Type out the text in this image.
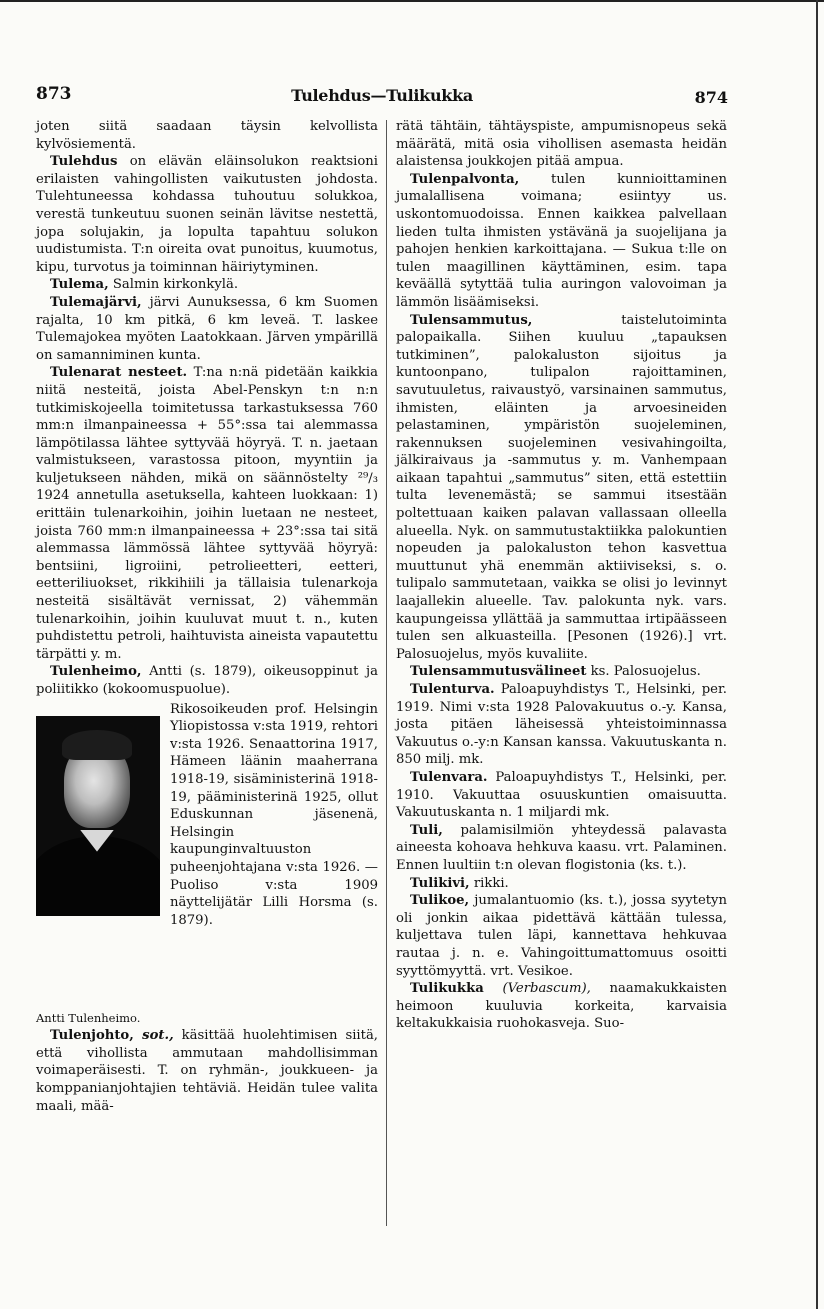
873	Tulehdus—Tulikukka	874

joten siitä saadaan täysin kelvollista kylvösiementä.

Tulehdus on elävän eläinsolukon reaktsioni erilaisten vahingollisten vaikutusten johdosta. Tulehtuneessa kohdassa tuhoutuu solukkoa, verestä tunkeutuu suonen seinän lävitse nestettä, jopa solujakin, ja lopulta tapahtuu solukon uudistumista. T:n oireita ovat punoitus, kuumotus, kipu, turvotus ja toiminnan häiriytyminen.

Tulema, Salmin kirkonkylä.

Tulemajärvi, järvi Aunuksessa, 6 km Suomen rajalta, 10 km pitkä, 6 km leveä. T. laskee Tulemajokea myöten Laatokkaan. Järven ympärillä on samanniminen kunta.

Tulenarat nesteet. T:na n:nä pidetään kaikkia niitä nesteitä, joista Abel-Penskyn t:n n:n tutkimiskojeella toimitetussa tarkastuksessa 760 mm:n ilmanpaineessa + 55°:ssa tai alemmassa lämpötilassa lähtee syttyvää höyryä. T. n. jaetaan valmistukseen, varastossa pitoon, myyntiin ja kuljetukseen nähden, mikä on säännöstelty ²⁹/₃ 1924 annetulla asetuksella, kahteen luokkaan: 1) erittäin tulenarkoihin, joihin luetaan ne nesteet, joista 760 mm:n ilmanpaineessa + 23°:ssa tai sitä alemmassa lämmössä lähtee syttyvää höyryä: bentsiini, ligroiini, petrolieetteri, eetteri, eetteriliuokset, rikkihiili ja tällaisia tulenarkoja nesteitä sisältävät vernissat, 2) vähemmän tulenarkoihin, joihin kuuluvat muut t. n., kuten puhdistettu petroli, haihtuvista aineista vapautettu tärpätti y. m.

Tulenheimo, Antti (s. 1879), oikeusoppinut ja poliitikko (kokoomuspuolue).

Antti Tulenheimo.
Rikosoikeuden prof. Helsingin Yliopistossa v:sta 1919, rehtori v:sta 1926. Senaattorina 1917, Hämeen läänin maaherrana 1918-19, sisäministerinä 1918-19, pääministerinä 1925, ollut Eduskunnan jäsenenä, Helsingin kaupunginvaltuuston puheenjohtajana v:sta 1926. — Puoliso v:sta 1909 näyttelijätär Lilli Horsma (s. 1879).

Tulenjohto, sot., käsittää huolehtimisen siitä, että vihollista ammutaan mahdollisimman voimaperäisesti. T. on ryhmän-, joukkueen- ja komppanianjohtajien tehtäviä. Heidän tulee valita maali, mää-

rätä tähtäin, tähtäyspiste, ampumisnopeus sekä määrätä, mitä osia vihollisen asemasta heidän alaistensa joukkojen pitää ampua.

Tulenpalvonta, tulen kunnioittaminen jumalallisena voimana; esiintyy us. uskontomuodoissa. Ennen kaikkea palvellaan lieden tulta ihmisten ystävänä ja suojelijana ja pahojen henkien karkoittajana. — Sukua t:lle on tulen maagillinen käyttäminen, esim. tapa keväällä sytyttää tulia auringon valovoiman ja lämmön lisäämiseksi.

Tulensammutus, taistelutoiminta palopaikalla. Siihen kuuluu „tapauksen tutkiminen”, palokaluston sijoitus ja kuntoonpano, tulipalon rajoittaminen, savutuuletus, raivaustyö, varsinainen sammutus, ihmisten, eläinten ja arvoesineiden pelastaminen, ympäristön suojeleminen, rakennuksen suojeleminen vesivahingoilta, jälkiraivaus ja -sammutus y. m. Vanhempaan aikaan tapahtui „sammutus” siten, että estettiin tulta levenemästä; se sammui itsestään poltettuaan kaiken palavan vallassaan olleella alueella. Nyk. on sammutustaktiikka palokuntien nopeuden ja palokaluston tehon kasvettua muuttunut yhä enemmän aktiiviseksi, s. o. tulipalo sammutetaan, vaikka se olisi jo levinnyt laajallekin alueelle. Tav. palokunta nyk. vars. kaupungeissa yllättää ja sammuttaa irtipäässeen tulen sen alkuasteilla. [Pesonen (1926).] vrt. Palosuojelus, myös kuvaliite.

Tulensammutusvälineet ks. Palosuojelus.

Tulenturva. Paloapuyhdistys T., Helsinki, per. 1919. Nimi v:sta 1928 Palovakuutus o.-y. Kansa, josta pitäen läheisessä yhteistoiminnassa Vakuutus o.-y:n Kansan kanssa. Vakuutuskanta n. 850 milj. mk.

Tulenvara. Paloapuyhdistys T., Helsinki, per. 1910. Vakuuttaa osuuskuntien omaisuutta. Vakuutuskanta n. 1 miljardi mk.

Tuli, palamisilmiön yhteydessä palavasta aineesta kohoava hehkuva kaasu. vrt. Palaminen. Ennen luultiin t:n olevan flogistonia (ks. t.).

Tulikivi, rikki.

Tulikoe, jumalantuomio (ks. t.), jossa syytetyn oli jonkin aikaa pidettävä kättään tulessa, kuljettava tulen läpi, kannettava hehkuvaa rautaa j. n. e. Vahingoittumattomuus osoitti syyttömyyttä. vrt. Vesikoe.

Tulikukka (Verbascum), naamakukkaisten heimoon kuuluvia korkeita, karvaisia keltakukkaisia ruohokasveja. Suo-
